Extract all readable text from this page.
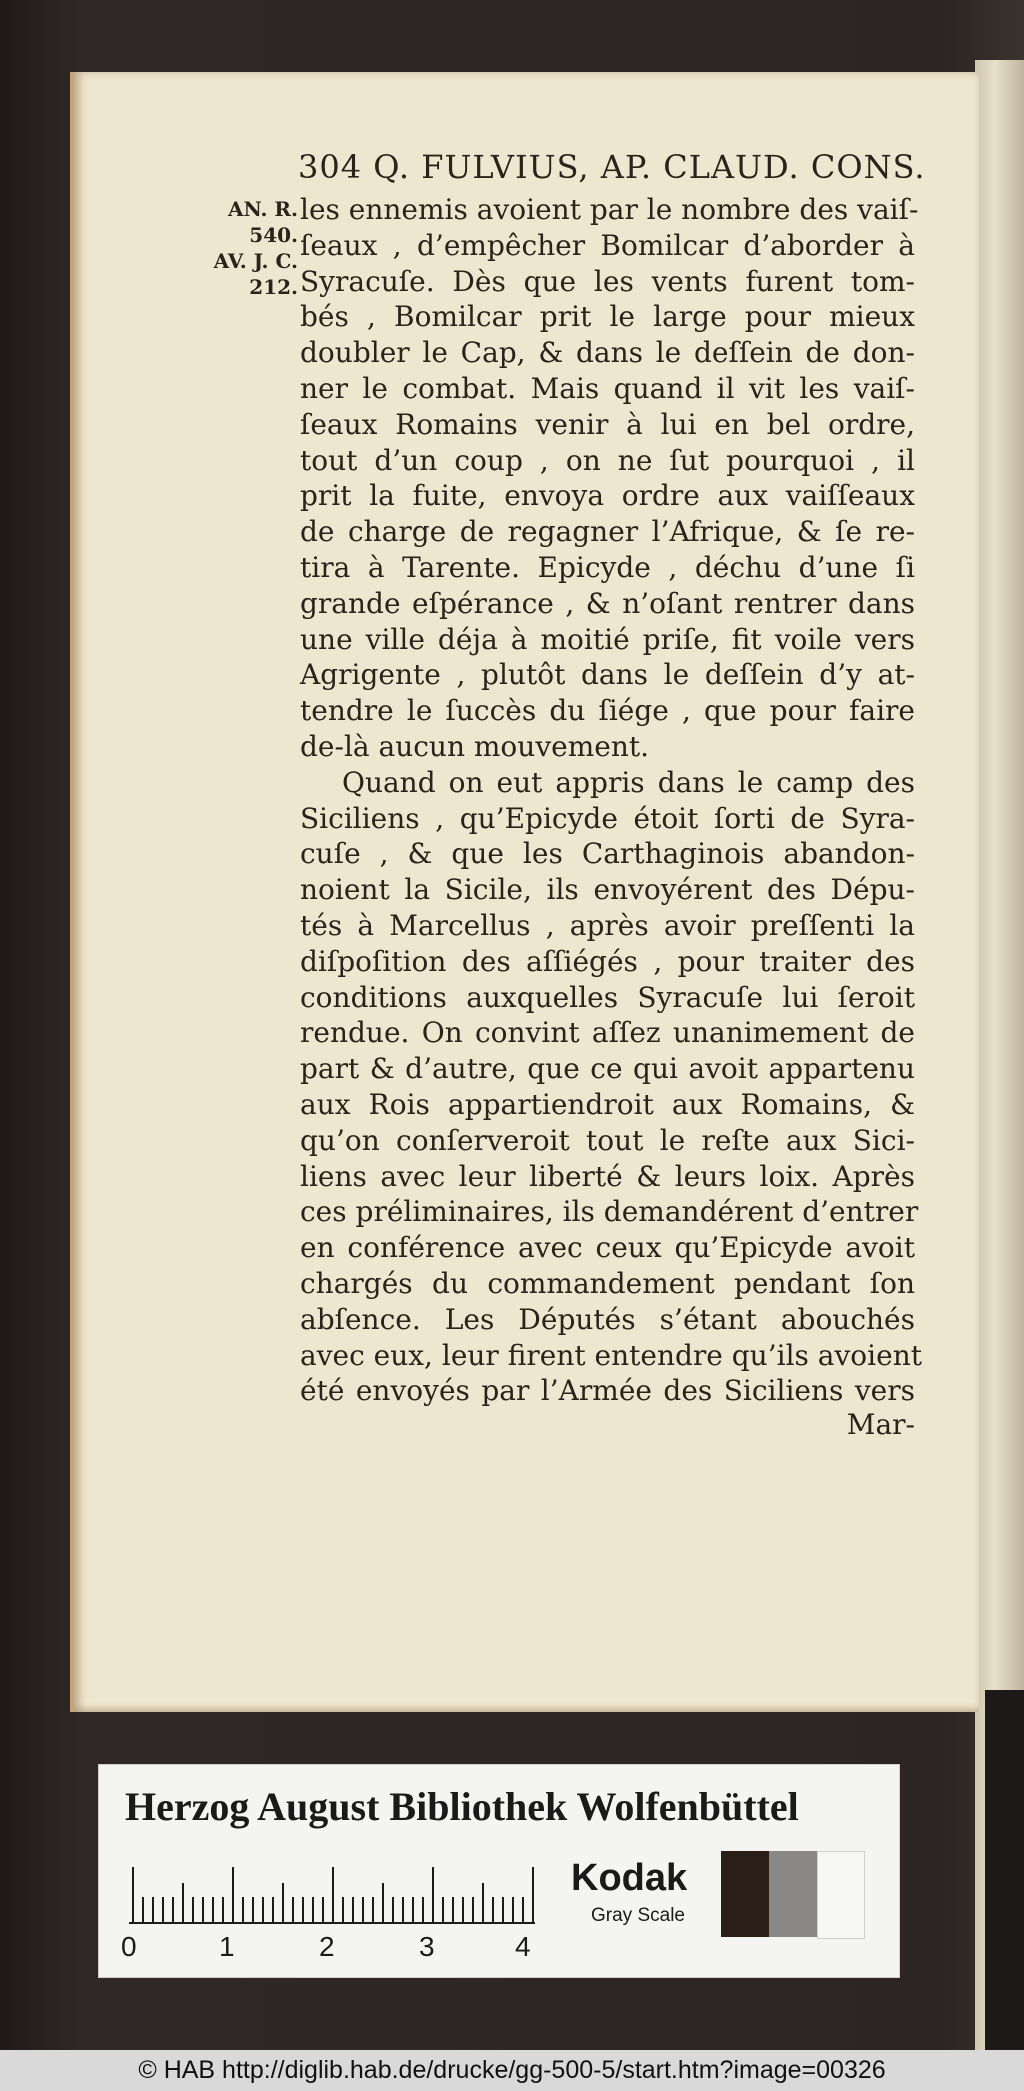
304 Q. FULVIUS, AP. CLAUD. CONS.
AN. R.
540.
AV. J. C.
212.
les ennemis avoient par le nombre des vaiſ-
ſeaux , d’empêcher Bomilcar d’aborder à
Syracuſe. Dès que les vents furent tom-
bés , Bomilcar prit le large pour mieux
doubler le Cap, & dans le deſſein de don-
ner le combat. Mais quand il vit les vaiſ-
ſeaux Romains venir à lui en bel ordre,
tout d’un coup , on ne ſut pourquoi , il
prit la fuite, envoya ordre aux vaiſſeaux
de charge de regagner l’Afrique, & ſe re-
tira à Tarente. Epicyde , déchu d’une ſi
grande eſpérance , & n’oſant rentrer dans
une ville déja à moitié priſe, fit voile vers
Agrigente , plutôt dans le deſſein d’y at-
tendre le ſuccès du ſiége , que pour faire
de-là aucun mouvement.
Quand on eut appris dans le camp des
Siciliens , qu’Epicyde étoit ſorti de Syra-
cuſe , & que les Carthaginois abandon-
noient la Sicile, ils envoyérent des Dépu-
tés à Marcellus , après avoir preſſenti la
diſpoſition des aſſiégés , pour traiter des
conditions auxquelles Syracuſe lui ſeroit
rendue. On convint aſſez unanimement de
part & d’autre, que ce qui avoit appartenu
aux Rois appartiendroit aux Romains, &
qu’on conſerveroit tout le reſte aux Sici-
liens avec leur liberté & leurs loix. Après
ces préliminaires, ils demandérent d’entrer
en conférence avec ceux qu’Epicyde avoit
chargés du commandement pendant ſon
abſence. Les Députés s’étant abouchés
avec eux, leur firent entendre qu’ils avoient
été envoyés par l’Armée des Siciliens vers
Mar-
Herzog August Bibliothek Wolfenbüttel
0	1	2	3	4
Kodak
Gray Scale
© HAB http://diglib.hab.de/drucke/gg-500-5/start.htm?image=00326
